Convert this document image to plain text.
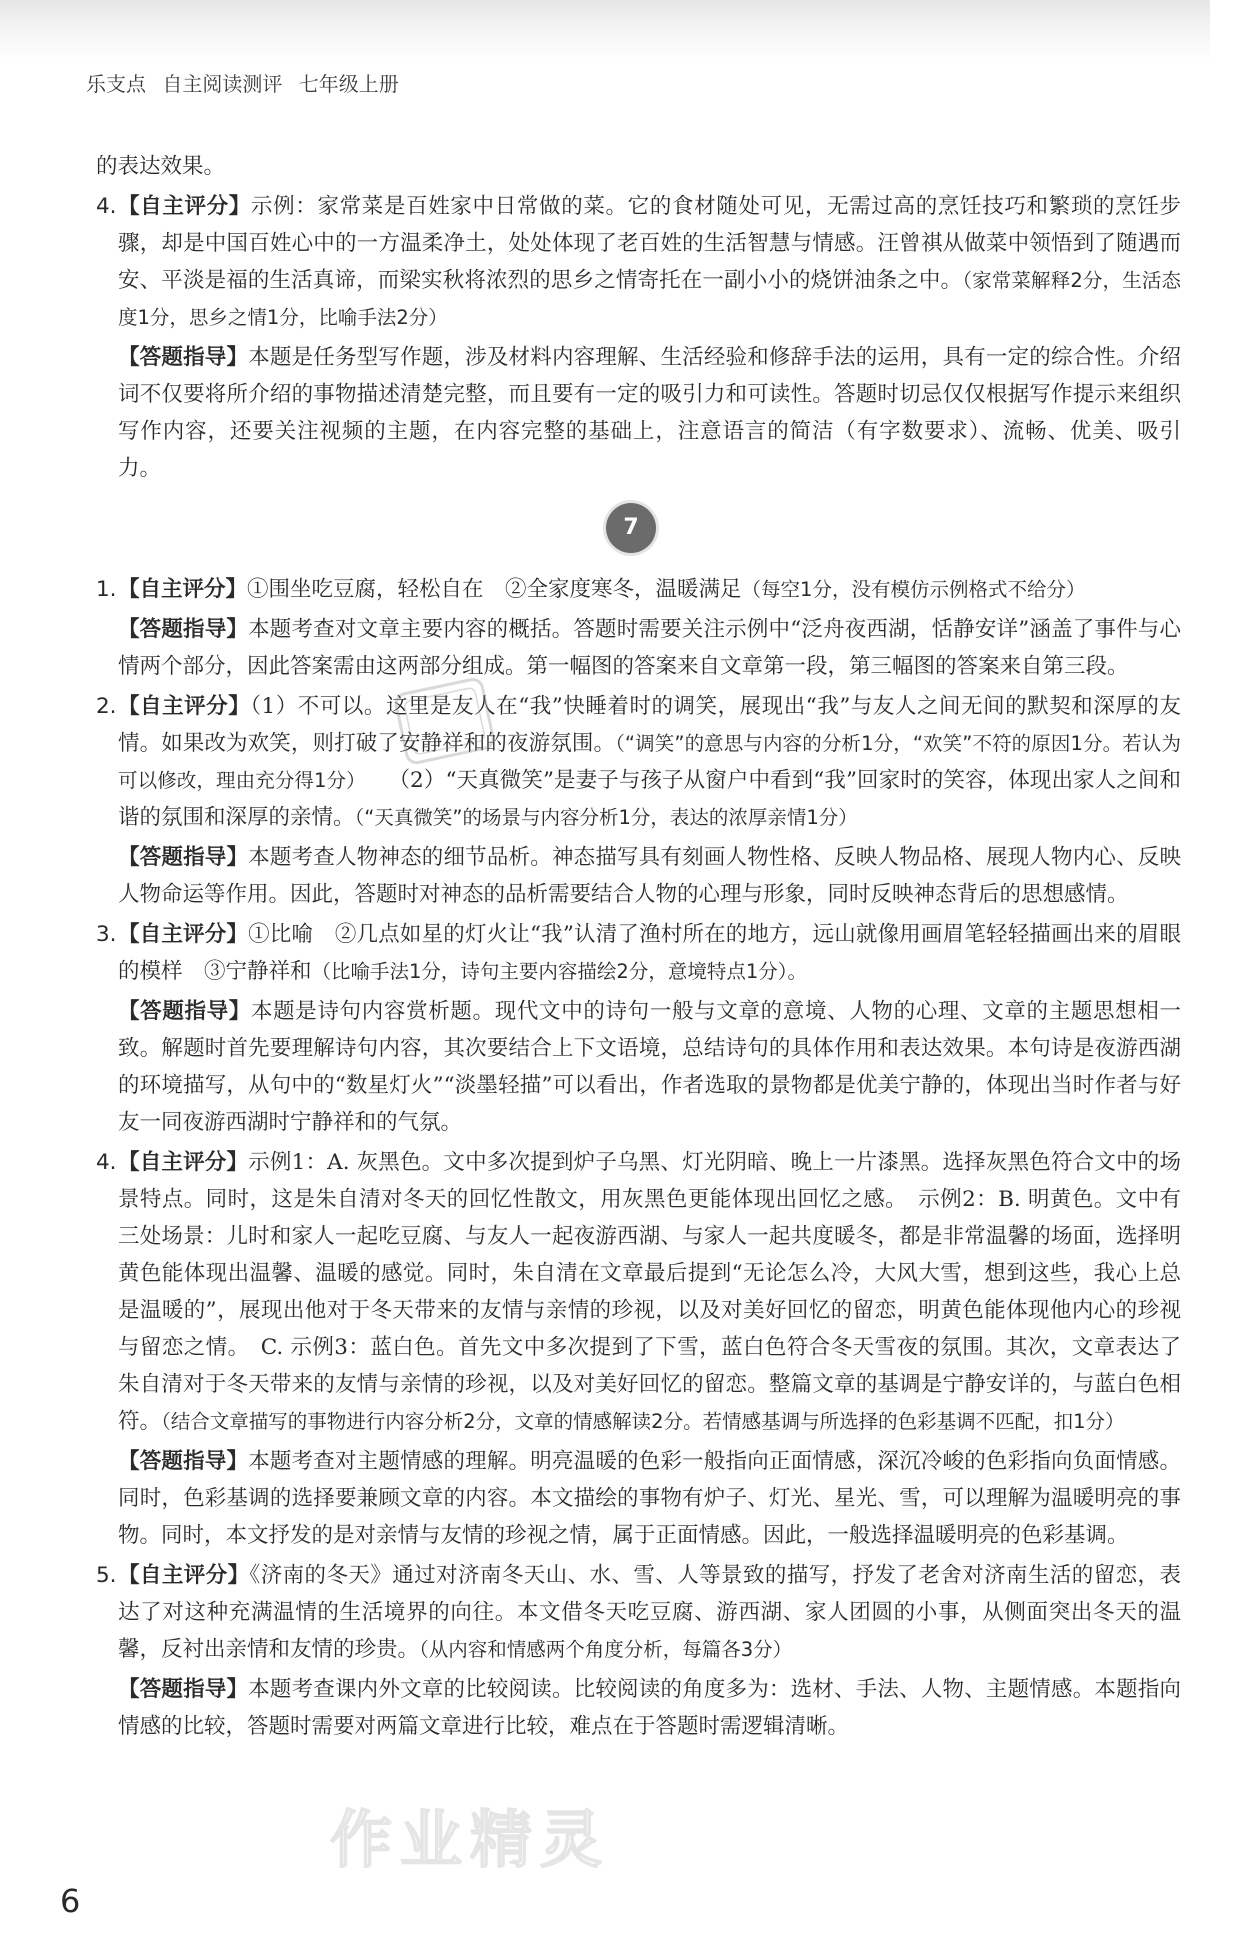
乐支点 自主阅读测评 七年级上册

的表达效果。

4. 【自主评分】示例：家常菜是百姓家中日常做的菜。它的食材随处可见，无需过高的烹饪技巧和繁琐的烹饪步骤，却是中国百姓心中的一方温柔净土，处处体现了老百姓的生活智慧与情感。汪曾祺从做菜中领悟到了随遇而安、平淡是福的生活真谛，而梁实秋将浓烈的思乡之情寄托在一副小小的烧饼油条之中。（家常菜解释2分，生活态度1分，思乡之情1分，比喻手法2分）

【答题指导】本题是任务型写作题，涉及材料内容理解、生活经验和修辞手法的运用，具有一定的综合性。介绍词不仅要将所介绍的事物描述清楚完整，而且要有一定的吸引力和可读性。答题时切忌仅仅根据写作提示来组织写作内容，还要关注视频的主题，在内容完整的基础上，注意语言的简洁（有字数要求）、流畅、优美、吸引力。

7

1. 【自主评分】①围坐吃豆腐，轻松自在　②全家度寒冬，温暖满足（每空1分，没有模仿示例格式不给分）

【答题指导】本题考查对文章主要内容的概括。答题时需要关注示例中“泛舟夜西湖，恬静安详”涵盖了事件与心情两个部分，因此答案需由这两部分组成。第一幅图的答案来自文章第一段，第三幅图的答案来自第三段。

2. 【自主评分】（1）不可以。这里是友人在“我”快睡着时的调笑，展现出“我”与友人之间无间的默契和深厚的友情。如果改为欢笑，则打破了安静祥和的夜游氛围。（“调笑”的意思与内容的分析1分，“欢笑”不符的原因1分。若认为可以修改，理由充分得1分）　　（2）“天真微笑”是妻子与孩子从窗户中看到“我”回家时的笑容，体现出家人之间和谐的氛围和深厚的亲情。（“天真微笑”的场景与内容分析1分，表达的浓厚亲情1分）

【答题指导】本题考查人物神态的细节品析。神态描写具有刻画人物性格、反映人物品格、展现人物内心、反映人物命运等作用。因此，答题时对神态的品析需要结合人物的心理与形象，同时反映神态背后的思想感情。

3. 【自主评分】①比喻　②几点如星的灯火让“我”认清了渔村所在的地方，远山就像用画眉笔轻轻描画出来的眉眼的模样　③宁静祥和（比喻手法1分，诗句主要内容描绘2分，意境特点1分）。

【答题指导】本题是诗句内容赏析题。现代文中的诗句一般与文章的意境、人物的心理、文章的主题思想相一致。解题时首先要理解诗句内容，其次要结合上下文语境，总结诗句的具体作用和表达效果。本句诗是夜游西湖的环境描写，从句中的“数星灯火”“淡墨轻描”可以看出，作者选取的景物都是优美宁静的，体现出当时作者与好友一同夜游西湖时宁静祥和的气氛。

4. 【自主评分】示例1：A. 灰黑色。文中多次提到炉子乌黑、灯光阴暗、晚上一片漆黑。选择灰黑色符合文中的场景特点。同时，这是朱自清对冬天的回忆性散文，用灰黑色更能体现出回忆之感。　示例2：B. 明黄色。文中有三处场景：儿时和家人一起吃豆腐、与友人一起夜游西湖、与家人一起共度暖冬，都是非常温馨的场面，选择明黄色能体现出温馨、温暖的感觉。同时，朱自清在文章最后提到“无论怎么冷，大风大雪，想到这些，我心上总是温暖的”，展现出他对于冬天带来的友情与亲情的珍视，以及对美好回忆的留恋，明黄色能体现他内心的珍视与留恋之情。　C. 示例3：蓝白色。首先文中多次提到了下雪，蓝白色符合冬天雪夜的氛围。其次，文章表达了朱自清对于冬天带来的友情与亲情的珍视，以及对美好回忆的留恋。整篇文章的基调是宁静安详的，与蓝白色相符。（结合文章描写的事物进行内容分析2分，文章的情感解读2分。若情感基调与所选择的色彩基调不匹配，扣1分）

【答题指导】本题考查对主题情感的理解。明亮温暖的色彩一般指向正面情感，深沉冷峻的色彩指向负面情感。同时，色彩基调的选择要兼顾文章的内容。本文描绘的事物有炉子、灯光、星光、雪，可以理解为温暖明亮的事物。同时，本文抒发的是对亲情与友情的珍视之情，属于正面情感。因此，一般选择温暖明亮的色彩基调。

5. 【自主评分】《济南的冬天》通过对济南冬天山、水、雪、人等景致的描写，抒发了老舍对济南生活的留恋，表达了对这种充满温情的生活境界的向往。本文借冬天吃豆腐、游西湖、家人团圆的小事，从侧面突出冬天的温馨，反衬出亲情和友情的珍贵。（从内容和情感两个角度分析，每篇各3分）

【答题指导】本题考查课内外文章的比较阅读。比较阅读的角度多为：选材、手法、人物、主题情感。本题指向情感的比较，答题时需要对两篇文章进行比较，难点在于答题时需逻辑清晰。

作业精灵
6
